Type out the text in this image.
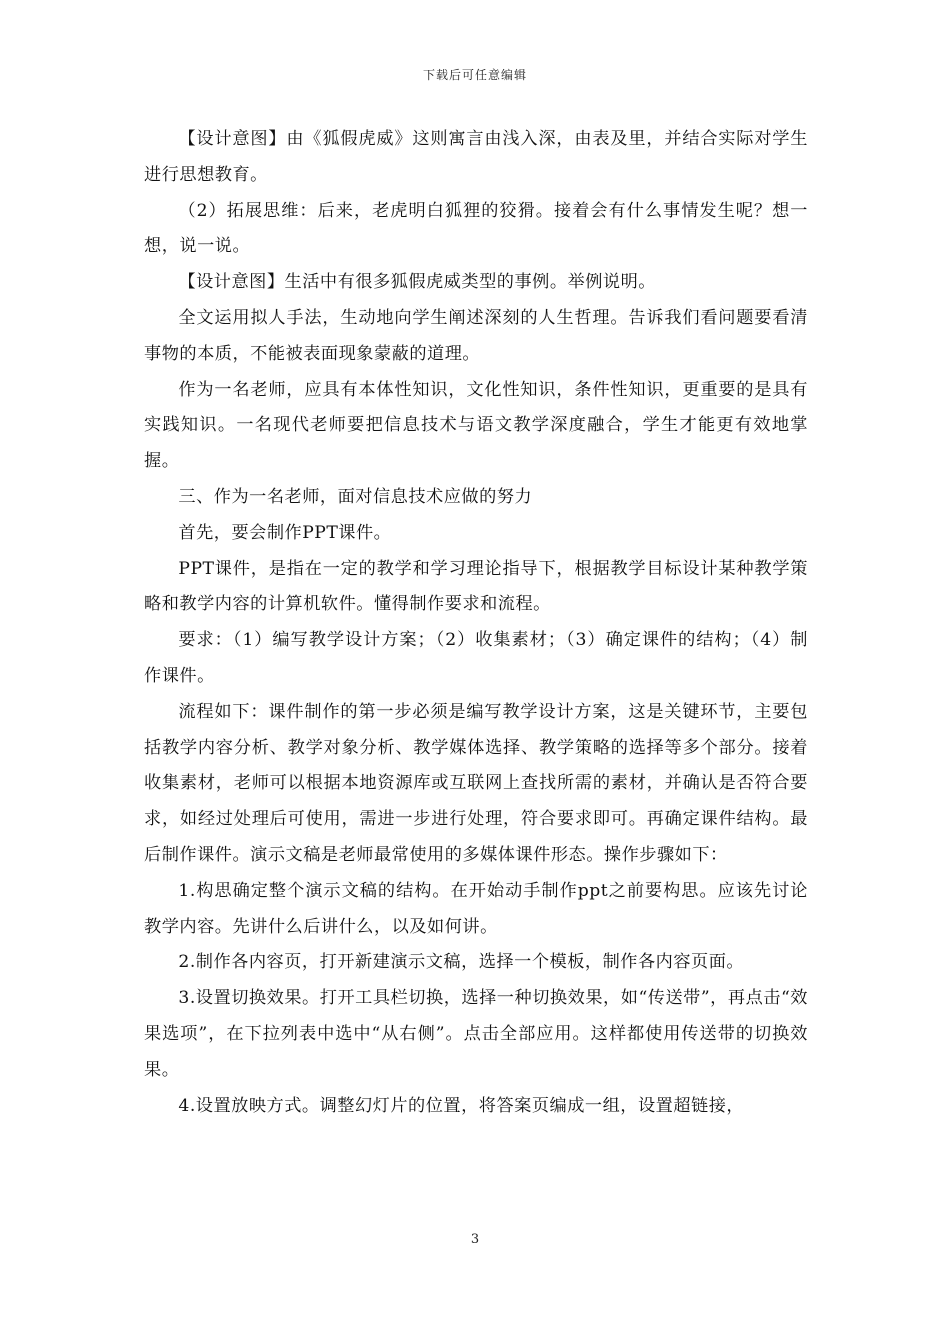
下载后可任意编辑

【设计意图】由《狐假虎威》这则寓言由浅入深，由表及里，并结合实际对学生进行思想教育。

（2）拓展思维：后来，老虎明白狐狸的狡猾。接着会有什么事情发生呢？想一想，说一说。

【设计意图】生活中有很多狐假虎威类型的事例。举例说明。

全文运用拟人手法，生动地向学生阐述深刻的人生哲理。告诉我们看问题要看清事物的本质，不能被表面现象蒙蔽的道理。

作为一名老师，应具有本体性知识，文化性知识，条件性知识，更重要的是具有实践知识。一名现代老师要把信息技术与语文教学深度融合，学生才能更有效地掌握。

三、作为一名老师，面对信息技术应做的努力

首先，要会制作PPT课件。

PPT课件，是指在一定的教学和学习理论指导下，根据教学目标设计某种教学策略和教学内容的计算机软件。懂得制作要求和流程。

要求：（1）编写教学设计方案；（2）收集素材；（3）确定课件的结构；（4）制作课件。

流程如下：课件制作的第一步必须是编写教学设计方案，这是关键环节，主要包括教学内容分析、教学对象分析、教学媒体选择、教学策略的选择等多个部分。接着收集素材，老师可以根据本地资源库或互联网上查找所需的素材，并确认是否符合要求，如经过处理后可使用，需进一步进行处理，符合要求即可。再确定课件结构。最后制作课件。演示文稿是老师最常使用的多媒体课件形态。操作步骤如下：

1.构思确定整个演示文稿的结构。在开始动手制作ppt之前要构思。应该先讨论教学内容。先讲什么后讲什么，以及如何讲。

2.制作各内容页，打开新建演示文稿，选择一个模板，制作各内容页面。

3.设置切换效果。打开工具栏切换，选择一种切换效果，如“传送带”，再点击“效果选项”，在下拉列表中选中“从右侧”。点击全部应用。这样都使用传送带的切换效果。

4.设置放映方式。调整幻灯片的位置，将答案页编成一组，设置超链接，

3
